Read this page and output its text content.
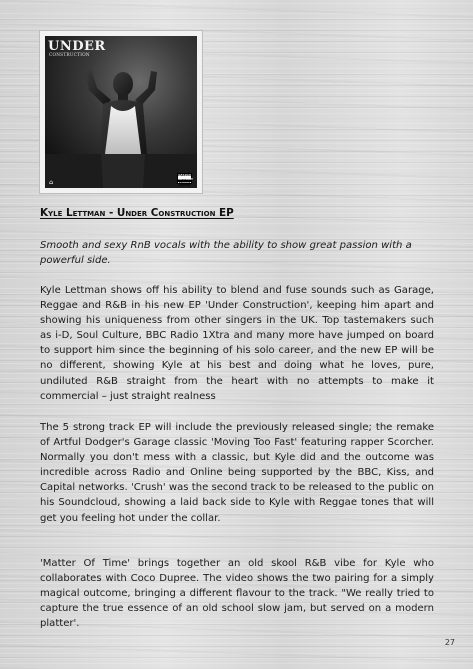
UNDER
CONSTRUCTION
⌂
PARENTAL
ADVISORY
EXPLICIT CONTENT
Kyle Lettman - Under Construction EP

Smooth and sexy RnB vocals with the ability to show great passion with a powerful side.

Kyle Lettman shows off his ability to blend and fuse sounds such as Garage, Reggae and R&B in his new EP 'Under Construction', keeping him apart and showing his uniqueness from other singers in the UK. Top tastemakers such as i-D, Soul Culture, BBC Radio 1Xtra and many more have jumped on board to support him since the beginning of his solo career, and the new EP will be no different, showing Kyle at his best and doing what he loves, pure, undiluted R&B straight from the heart with no attempts to make it commercial – just straight realness

The 5 strong track EP will include the previously released single; the remake of Artful Dodger's Garage classic 'Moving Too Fast' featuring rapper Scorcher. Normally you don't mess with a classic, but Kyle did and the outcome was incredible across Radio and Online being supported by the BBC, Kiss, and Capital networks. 'Crush' was the second track to be released to the public on his Soundcloud, showing a laid back side to Kyle with Reggae tones that will get you feeling hot under the collar.

'Matter Of Time' brings together an old skool R&B vibe for Kyle who collaborates with Coco Dupree. The video shows the two pairing for a simply magical outcome, bringing a different flavour to the track. "We really tried to capture the true essence of an old school slow jam, but served on a modern platter'.

27
